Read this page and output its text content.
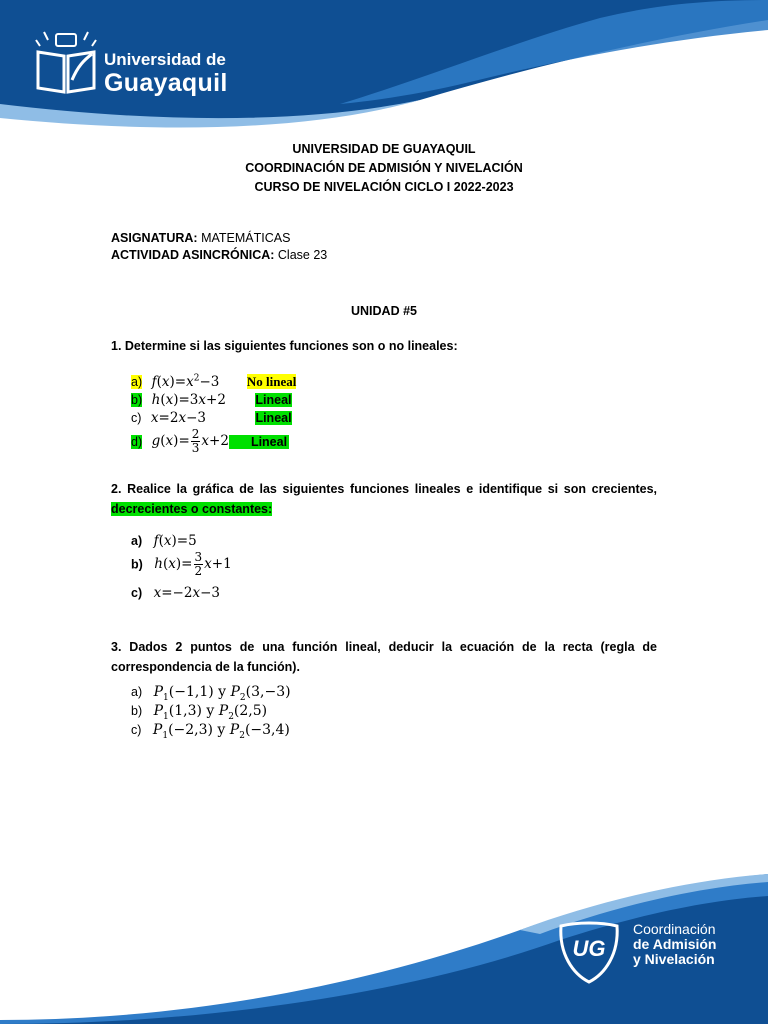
Universidad de
Guayaquil
UNIVERSIDAD DE GUAYAQUIL
COORDINACIÓN DE ADMISIÓN Y NIVELACIÓN
CURSO DE NIVELACIÓN CICLO I 2022-2023
ASIGNATURA: MATEMÁTICAS
ACTIVIDAD ASINCRÓNICA: Clase 23
UNIDAD #5
1. Determine si las siguientes funciones son o no lineales:
a) $f(x)=x^2-3$ No lineal
b) h(x)=3x+2 Lineal
c) x=2x−3	Lineal
d) $g(x)= \frac{2}{3} x+2$ Lineal
2. Realice la gráfica de las siguientes funciones lineales e identifique si son crecientes, decrecientes o constantes:
a) f(x)=5
b) $h(x)= \frac{3}{2} x+1$
c) x=−2x−3
3. Dados 2 puntos de una función lineal, deducir la ecuación de la recta (regla de correspondencia de la función).
a) $P_1(-1,1)$ y $P_2(3,-3)$
b) $P_1(1,3)$ y $P_2(2,5)$
c) $P_1(-2,3)$ y $P_2(-3,4)$
UG
Coordinación
de Admisión
y Nivelación
